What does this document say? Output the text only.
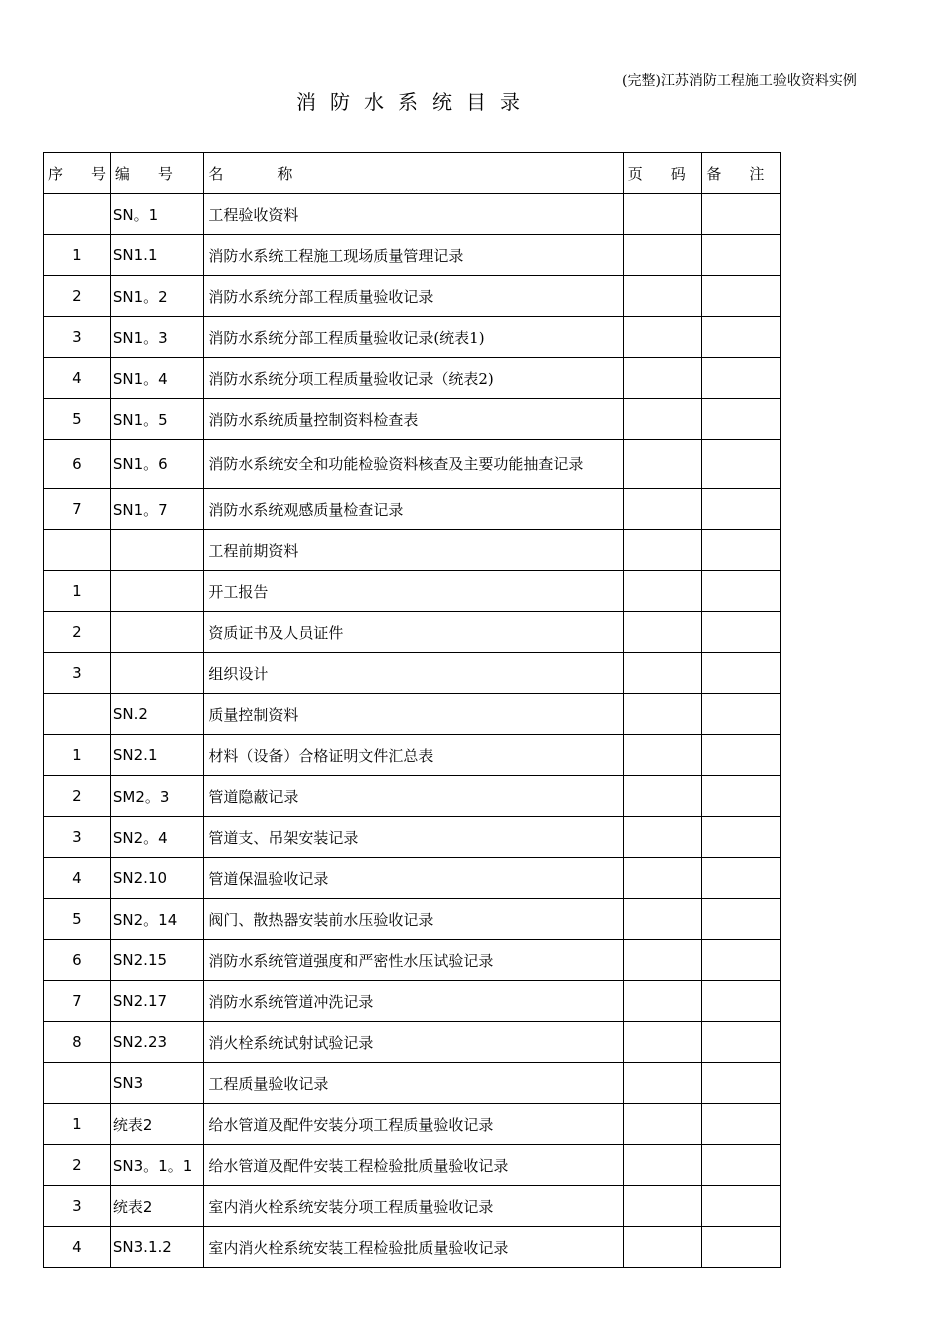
(完整)江苏消防工程施工验收资料实例
消防水系统目录
序号	编号	名称	页码	备注
	SN。1	工程验收资料		
1	SN1.1	消防水系统工程施工现场质量管理记录		
2	SN1。2	消防水系统分部工程质量验收记录		
3	SN1。3	消防水系统分部工程质量验收记录(统表1)		
4	SN1。4	消防水系统分项工程质量验收记录（统表2)		
5	SN1。5	消防水系统质量控制资料检查表		
6	SN1。6	消防水系统安全和功能检验资料核查及主要功能抽查记录		
7	SN1。7	消防水系统观感质量检查记录		
		工程前期资料		
1		开工报告		
2		资质证书及人员证件		
3		组织设计		
	SN.2	质量控制资料		
1	SN2.1	材料（设备）合格证明文件汇总表		
2	SM2。3	管道隐蔽记录		
3	SN2。4	管道支、吊架安装记录		
4	SN2.10	管道保温验收记录		
5	SN2。14	阀门、散热器安装前水压验收记录		
6	SN2.15	消防水系统管道强度和严密性水压试验记录		
7	SN2.17	消防水系统管道冲洗记录		
8	SN2.23	消火栓系统试射试验记录		
	SN3	工程质量验收记录		
1	统表2	给水管道及配件安装分项工程质量验收记录		
2	SN3。1。1	给水管道及配件安装工程检验批质量验收记录		
3	统表2	室内消火栓系统安装分项工程质量验收记录		
4	SN3.1.2	室内消火栓系统安装工程检验批质量验收记录		
